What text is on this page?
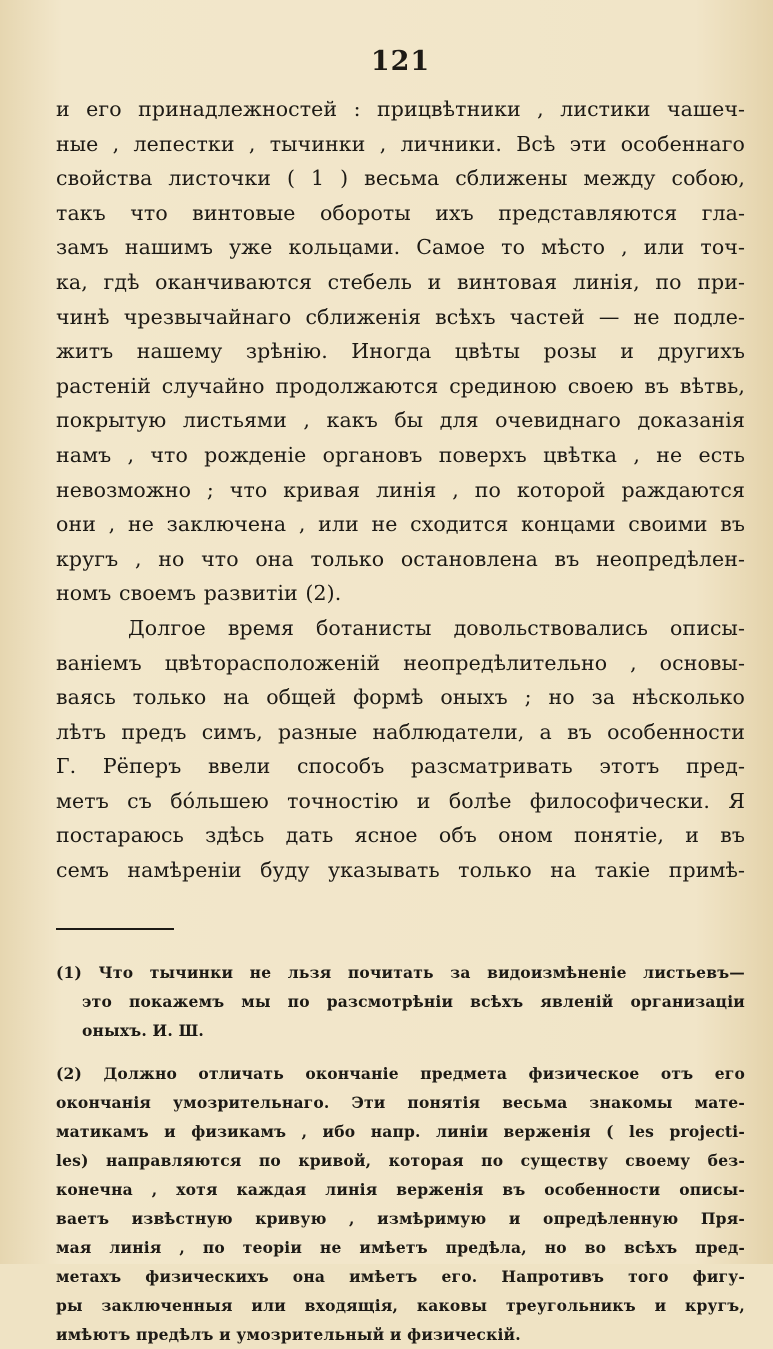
121
и его принадлежностей : прицвѣтники , листики чашеч-
ные , лепестки , тычинки , личники. Всѣ эти особеннаго
свойства листочки ( 1 ) весьма сближены между собою,
такъ что винтовые обороты ихъ представляются гла-
замъ нашимъ уже кольцами. Самое то мѣсто , или точ-
ка, гдѣ оканчиваются стебель и винтовая линія, по при-
чинѣ чрезвычайнаго сближенія всѣхъ частей — не подле-
житъ нашему зрѣнію. Иногда цвѣты розы и другихъ
растеній случайно продолжаются срединою своею въ вѣтвь,
покрытую листьями , какъ бы для очевиднаго доказанія
намъ , что рожденіе органовъ поверхъ цвѣтка , не есть
невозможно ; что кривая линія , по которой раждаются
они , не заключена , или не сходится концами своими въ
кругъ , но что она только остановлена въ неопредѣлен-
номъ своемъ развитіи (2).
Долгое время ботанисты довольствовались описы-
ваніемъ цвѣторасположеній неопредѣлительно , основы-
ваясь только на общей формѣ оныхъ ; но за нѣсколько
лѣтъ предъ симъ, разные наблюдатели, а въ особенности
Г. Рёперъ ввели способъ разсматривать этотъ пред-
метъ съ бо́льшею точностію и болѣе философически. Я
постараюсь здѣсь дать ясное объ оном понятіе, и въ
семъ намѣреніи буду указывать только на такіе примѣ-
(1) Что тычинки не льзя почитать за видоизмѣненіе листьевъ—
это покажемъ мы по разсмотрѣніи всѣхъ явленій организаціи
оныхъ. И. Ш.
(2) Должно отличать окончаніе предмета физическое отъ его
окончанія умозрительнаго. Эти понятія весьма знакомы мате-
матикамъ и физикамъ , ибо напр. линіи верженія ( les projecti-
les) направляются по кривой, которая по существу своему без-
конечна , хотя каждая линія верженія въ особенности описы-
ваетъ извѣстную кривую , измѣримую и опредѣленную Пря-
мая линія , по теоріи не имѣетъ предѣла, но во всѣхъ пред-
метахъ физическихъ она имѣетъ его. Напротивъ того фигу-
ры заключенныя или входящія, каковы треугольникъ и кругъ,
имѣютъ предѣлъ и умозрительный и физическій.
